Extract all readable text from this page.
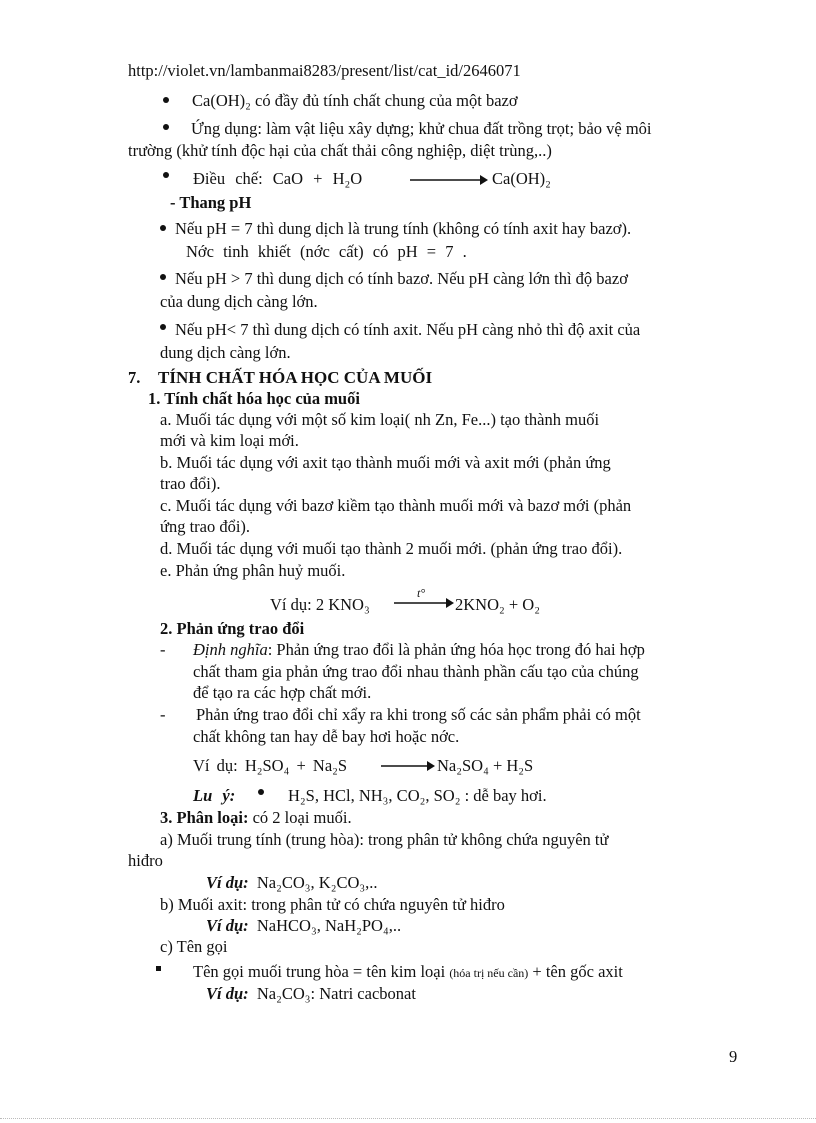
http://violet.vn/lambanmai8283/present/list/cat_id/2646071
Ca(OH)₂ có đầy đủ tính chất chung của một bazơ
Ứng dụng: làm vật liệu xây dựng; khử chua đất trồng trọt; bảo vệ môi
trường (khử tính độc hại của chất thải công nghiệp, diệt trùng,..)
Điều chế: CaO + H₂O	Ca(OH)₂
- Thang pH
Nếu pH = 7 thì dung dịch là trung tính (không có tính axit hay bazơ).
Nớc tinh khiết (nớc cất) có pH = 7 .
Nếu pH > 7 thì dung dịch có tính bazơ. Nếu pH càng lớn thì độ bazơ
của dung dịch càng lớn.
Nếu pH< 7 thì dung dịch có tính axit. Nếu pH càng nhỏ thì độ axit của
dung dịch càng lớn.
7. TÍNH CHẤT HÓA HỌC CỦA MUỐI
1. Tính chất hóa học của muối
a. Muối tác dụng với một số kim loại( nh Zn, Fe...) tạo thành muối
mới và kim loại mới.
b. Muối tác dụng với axit tạo thành muối mới và axit mới (phản ứng
trao đổi).
c. Muối tác dụng với bazơ kiềm tạo thành muối mới và bazơ mới (phản
ứng trao đổi).
d. Muối tác dụng với muối tạo thành 2 muối mới. (phản ứng trao đổi).
e. Phản ứng phân huỷ muối.
Ví dụ: 2 KNO₃
t°
→ 2KNO₂ + O₂
2. Phản ứng trao đổi
- Định nghĩa: Phản ứng trao đổi là phản ứng hóa học trong đó hai hợp
chất tham gia phản ứng trao đổi nhau thành phần cấu tạo của chúng
để tạo ra các hợp chất mới.
- Phản ứng trao đổi chỉ xẩy ra khi trong số các sản phẩm phải có một
chất không tan hay dễ bay hơi hoặc nớc.
Ví dụ: H₂SO₄ + Na₂S → Na₂SO₄ + H₂S
Lu ý:	H₂S, HCl, NH₃, CO₂, SO₂ : dễ bay hơi.
3. Phân loại: có 2 loại muối.
a) Muối trung tính (trung hòa): trong phân tử không chứa nguyên tử
hiđro
Ví dụ: Na₂CO₃, K₂CO₃,..
b) Muối axit: trong phân tử có chứa nguyên tử hiđro
Ví dụ: NaHCO₃, NaH₂PO₄,..
c) Tên gọi
Tên gọi muối trung hòa = tên kim loại (hóa trị nếu cần) + tên gốc axit
Ví dụ: Na₂CO₃: Natri cacbonat
9
